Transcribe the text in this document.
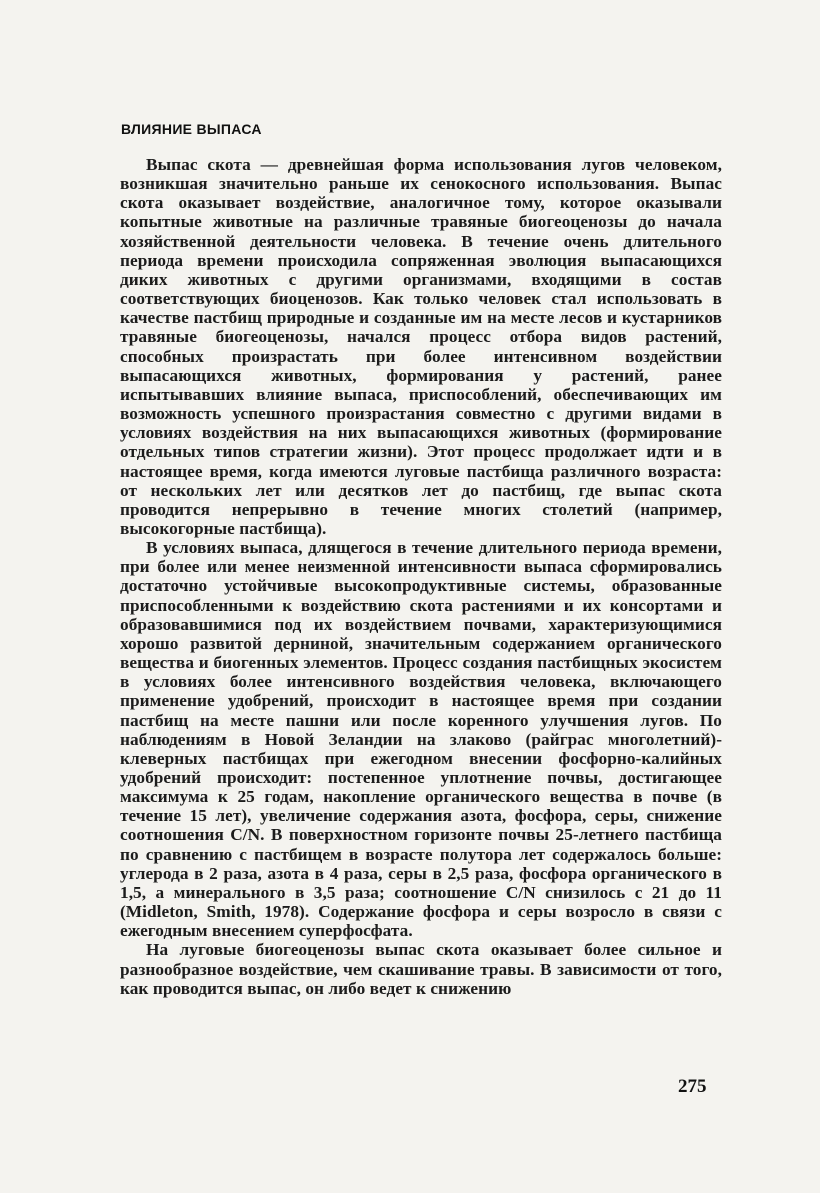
ВЛИЯНИЕ ВЫПАСА

Выпас скота — древнейшая форма использования лугов человеком, возникшая значительно раньше их сенокосного использования. Выпас скота оказывает воздействие, аналогичное тому, которое оказывали копытные животные на различные травяные биогеоценозы до начала хозяйственной деятельности человека. В течение очень длительного периода времени происходила сопряженная эволюция выпасающихся диких животных с другими организмами, входящими в состав соответствующих биоценозов. Как только человек стал использовать в качестве пастбищ природные и созданные им на месте лесов и кустарников травяные биогеоценозы, начался процесс отбора видов растений, способных произрастать при более интенсивном воздействии выпасающихся животных, формирования у растений, ранее испытывавших влияние выпаса, приспособлений, обеспечивающих им возможность успешного произрастания совместно с другими видами в условиях воздействия на них выпасающихся животных (формирование отдельных типов стратегии жизни). Этот процесс продолжает идти и в настоящее время, когда имеются луговые пастбища различного возраста: от нескольких лет или десятков лет до пастбищ, где выпас скота проводится непрерывно в течение многих столетий (например, высокогорные пастбища).

В условиях выпаса, длящегося в течение длительного периода времени, при более или менее неизменной интенсивности выпаса сформировались достаточно устойчивые высокопродуктивные системы, образованные приспособленными к воздействию скота растениями и их консортами и образовавшимися под их воздействием почвами, характеризующимися хорошо развитой дерниной, значительным содержанием органического вещества и биогенных элементов. Процесс создания пастбищных экосистем в условиях более интенсивного воздействия человека, включающего применение удобрений, происходит в настоящее время при создании пастбищ на месте пашни или после коренного улучшения лугов. По наблюдениям в Новой Зеландии на злаково (райграс многолетний)-клеверных пастбищах при ежегодном внесении фосфорно-калийных удобрений происходит: постепенное уплотнение почвы, достигающее максимума к 25 годам, накопление органического вещества в почве (в течение 15 лет), увеличение содержания азота, фосфора, серы, снижение соотношения C/N. В поверхностном горизонте почвы 25-летнего пастбища по сравнению с пастбищем в возрасте полутора лет содержалось больше: углерода в 2 раза, азота в 4 раза, серы в 2,5 раза, фосфора органического в 1,5, а минерального в 3,5 раза; соотношение C/N снизилось с 21 до 11 (Midleton, Smith, 1978). Содержание фосфора и серы возросло в связи с ежегодным внесением суперфосфата.

На луговые биогеоценозы выпас скота оказывает более сильное и разнообразное воздействие, чем скашивание травы. В зависимости от того, как проводится выпас, он либо ведет к снижению

275
